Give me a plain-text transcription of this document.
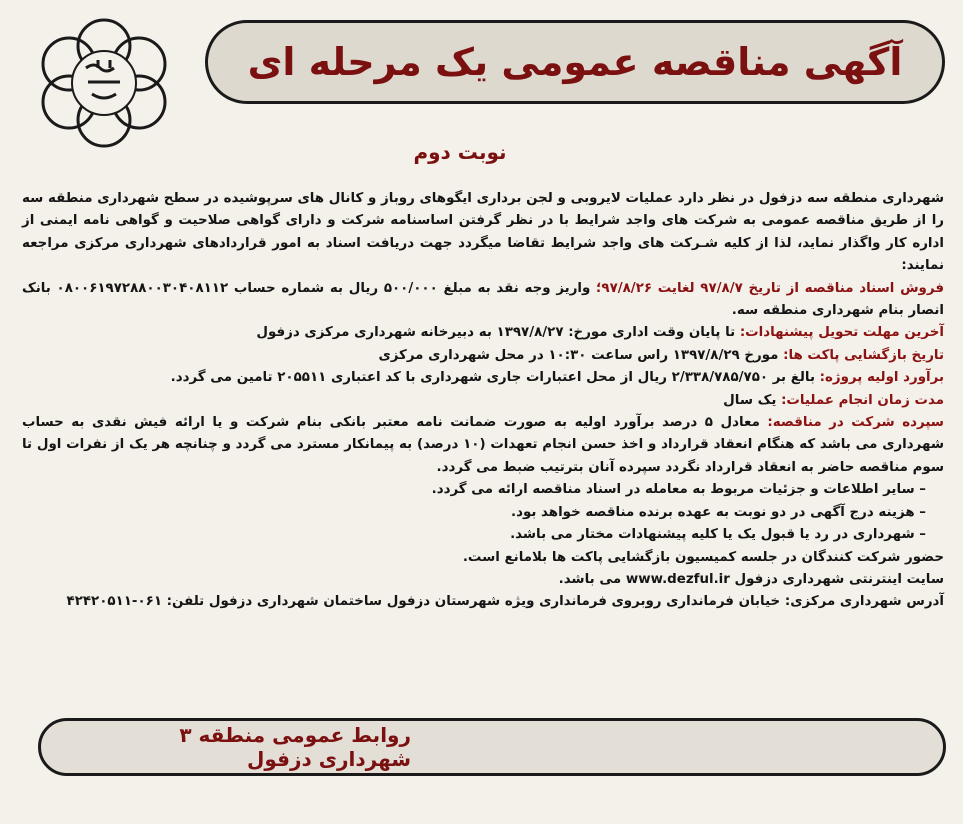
آگهی مناقصه عمومی یک مرحله ای
نوبت دوم

شهرداری منطقه سه دزفول در نظر دارد عملیات لایروبی و لجن برداری ایگوهای روباز و کانال های سرپوشیده در سطح شهرداری منطقه سه را از طریق مناقصه عمومی به شرکت های واجد شرایط با در نظر گرفتن اساسنامه شرکت و دارای گواهی صلاحیت و گواهی نامه ایمنی از اداره کار واگذار نماید، لذا از کلیه شـرکت های واجد شرایط تقاضا میگردد جهت دریافت اسناد به امور قراردادهای شهرداری مرکزی مراجعه نمایند:

فروش اسناد مناقصه از تاریخ ۹۷/۸/۷ لغایت ۹۷/۸/۲۶؛ واریز وجه نقد به مبلغ ۵۰۰/۰۰۰ ریال به شماره حساب ۰۸۰۰۶۱۹۷۲۸۸۰۰۳۰۴۰۸۱۱۲ بانک انصار بنام شهرداری منطقه سه.

آخرین مهلت تحویل پیشنهادات: تا پایان وقت اداری مورخ: ۱۳۹۷/۸/۲۷ به دبیرخانه شهرداری مرکزی دزفول

تاریخ بازگشایی پاکت ها: مورخ ۱۳۹۷/۸/۲۹ راس ساعت ۱۰:۳۰ در محل شهرداری مرکزی

برآورد اولیه پروژه: بالغ بر ۲/۳۳۸/۷۸۵/۷۵۰ ریال از محل اعتبارات جاری شهرداری با کد اعتباری ۲۰۵۵۱۱ تامین می گردد.

مدت زمان انجام عملیات: یک سال

سپرده شرکت در مناقصه: معادل ۵ درصد برآورد اولیه به صورت ضمانت نامه معتبر بانکی بنام شرکت و یا ارائه فیش نقدی به حساب شهرداری می باشد که هنگام انعقاد قرارداد و اخذ حسن انجام تعهدات (۱۰ درصد) به پیمانکار مسترد می گردد و چنانچه هر یک از نفرات اول تا سوم مناقصه حاضر به انعقاد قرارداد نگردد سپرده آنان بترتیب ضبط می گردد.

– سایر اطلاعات و جزئیات مربوط به معامله در اسناد مناقصه ارائه می گردد.

– هزینه درج آگهی در دو نوبت به عهده برنده مناقصه خواهد بود.

– شهرداری در رد یا قبول یک یا کلیه پیشنهادات مختار می باشد.

حضور شرکت کنندگان در جلسه کمیسیون بازگشایی پاکت ها بلامانع است.

سایت اینترنتی شهرداری دزفول www.dezful.ir می باشد.

آدرس شهرداری مرکزی: خیابان فرمانداری روبروی فرمانداری ویژه شهرستان دزفول ساختمان شهرداری دزفول تلفن: ۰۶۱-۴۲۴۲۰۵۱۱

روابط عمومی منطقه ۳ شهرداری دزفول
